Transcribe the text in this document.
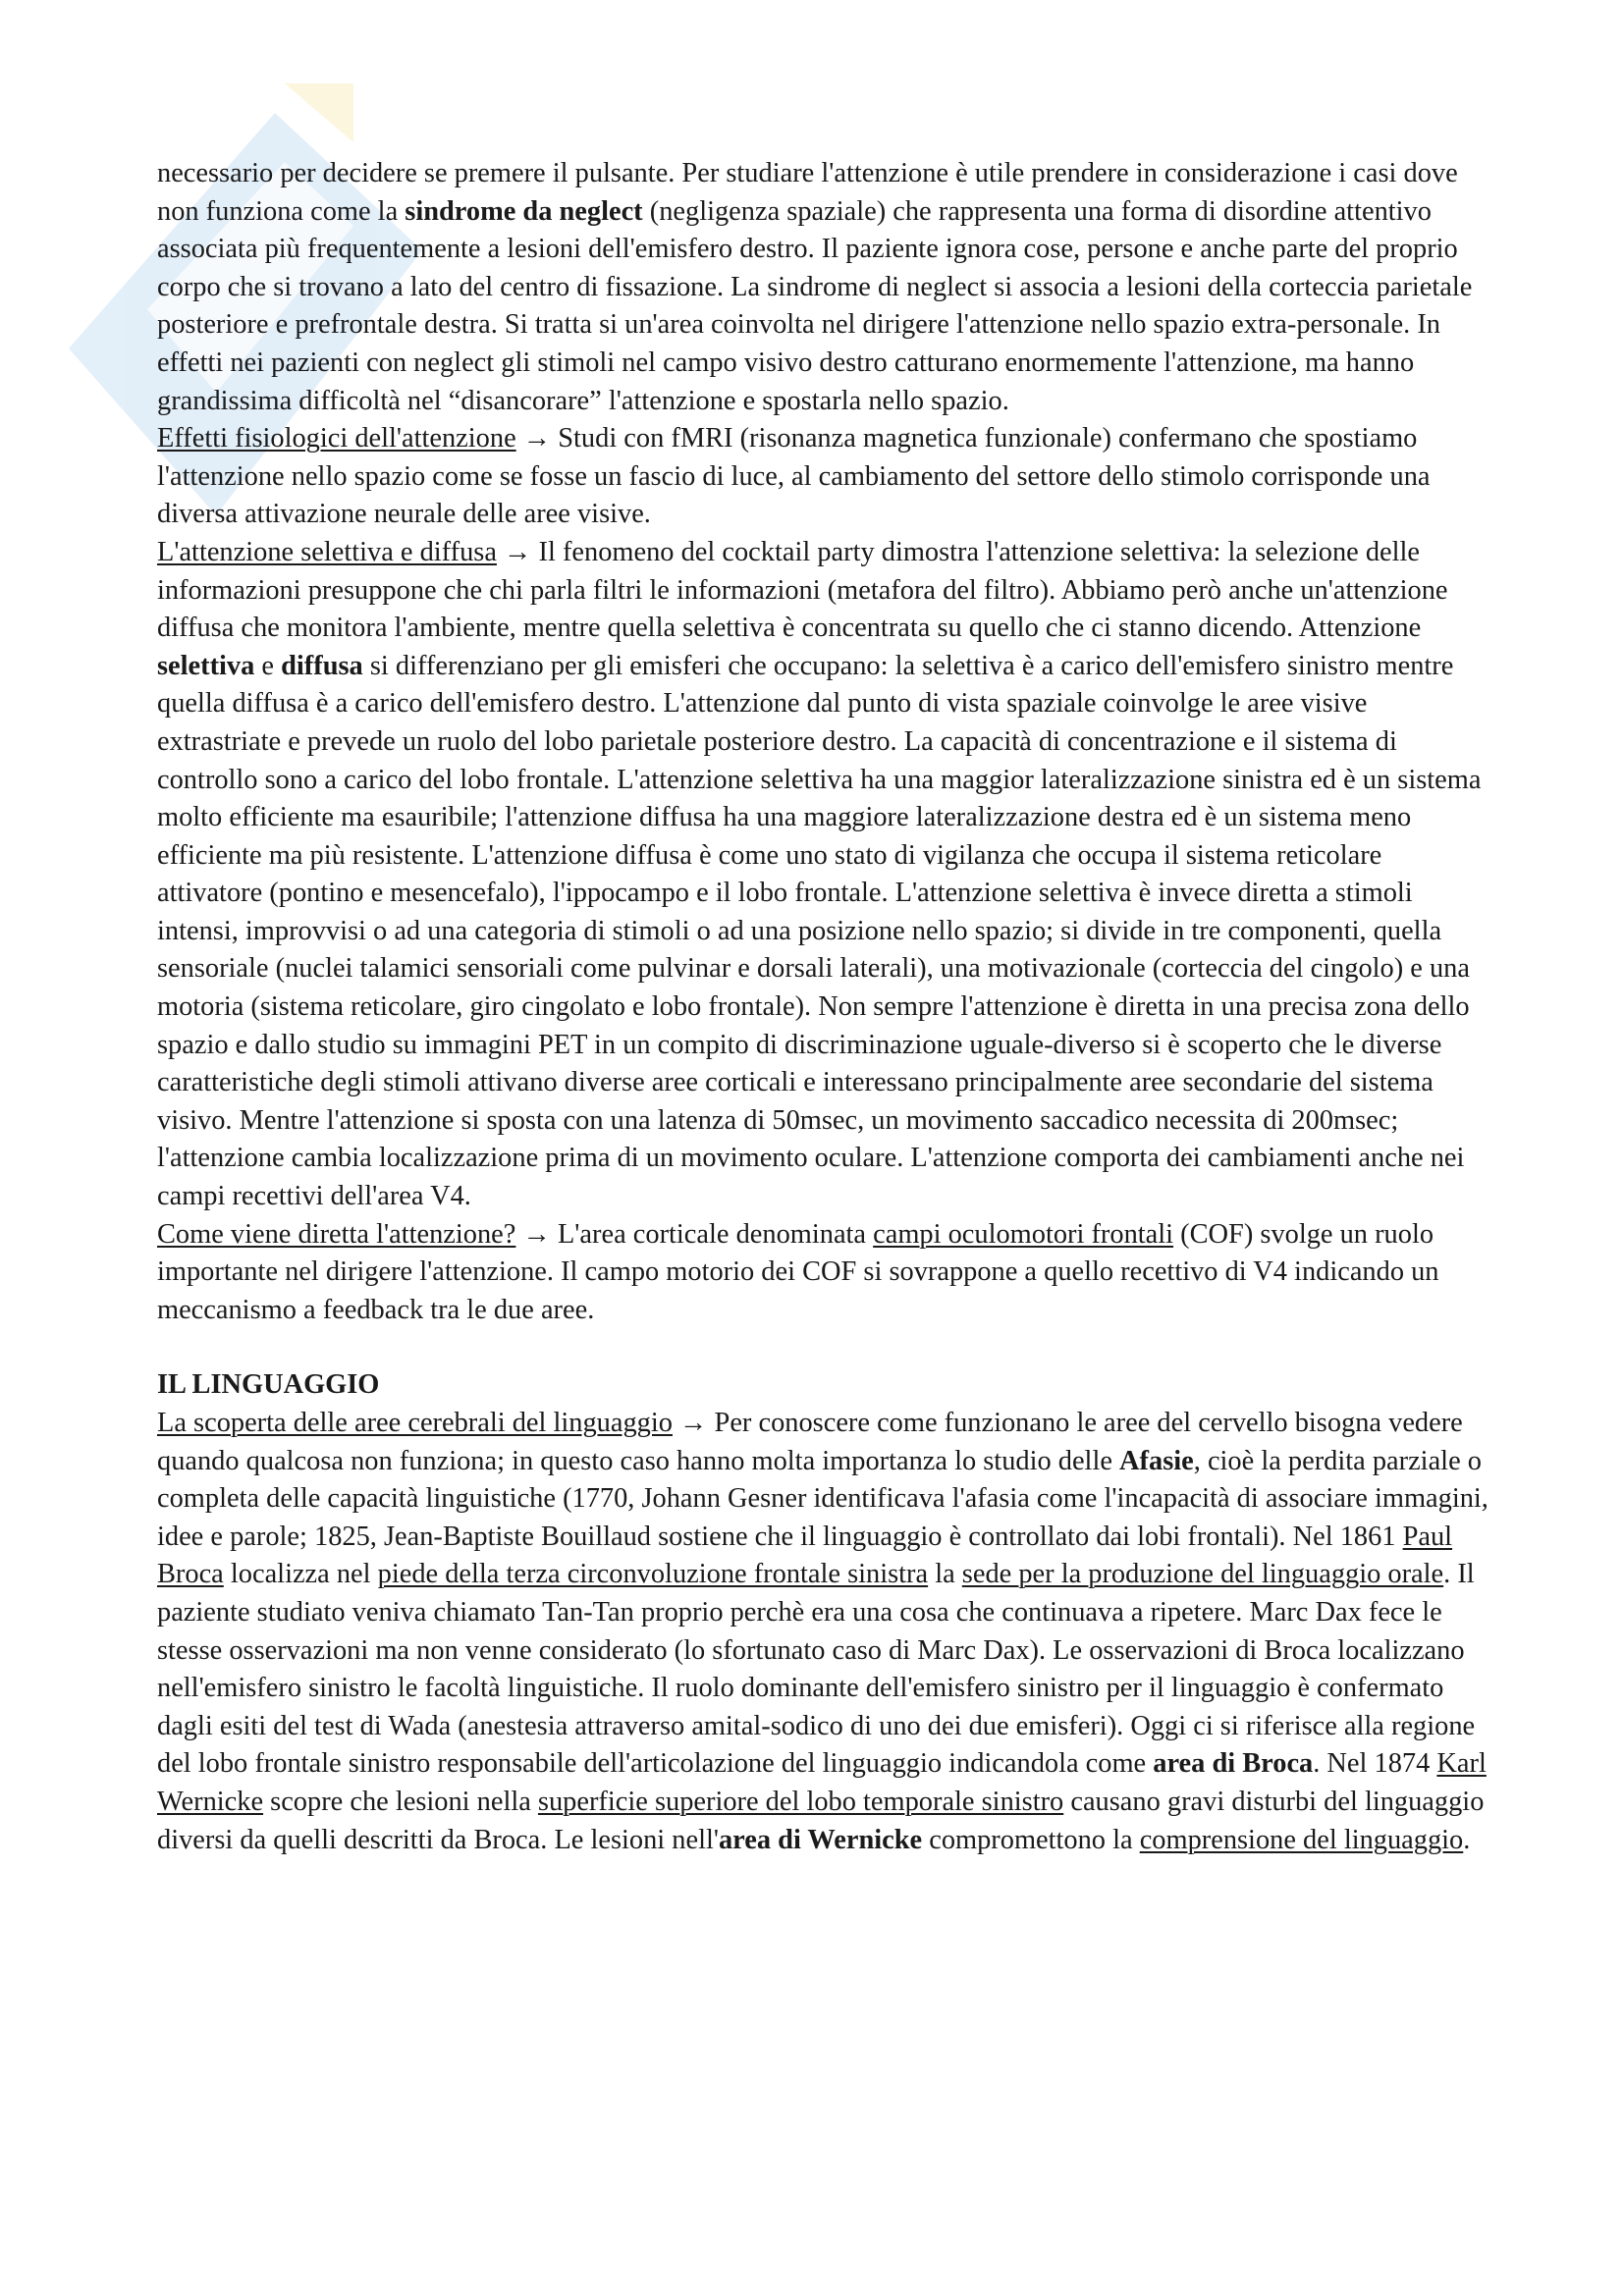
necessario per decidere se premere il pulsante. Per studiare l'attenzione è utile prendere in considerazione i casi dove non funziona come la sindrome da neglect (negligenza spaziale) che rappresenta una forma di disordine attentivo associata più frequentemente a lesioni dell'emisfero destro. Il paziente ignora cose, persone e anche parte del proprio corpo che si trovano a lato del centro di fissazione. La sindrome di neglect si associa a lesioni della corteccia parietale posteriore e prefrontale destra. Si tratta si un'area coinvolta nel dirigere l'attenzione nello spazio extra-personale. In effetti nei pazienti con neglect gli stimoli nel campo visivo destro catturano enormemente l'attenzione, ma hanno grandissima difficoltà nel “disancorare” l'attenzione e spostarla nello spazio.

Effetti fisiologici dell'attenzione → Studi con fMRI (risonanza magnetica funzionale) confermano che spostiamo l'attenzione nello spazio come se fosse un fascio di luce, al cambiamento del settore dello stimolo corrisponde una diversa attivazione neurale delle aree visive.

L'attenzione selettiva e diffusa → Il fenomeno del cocktail party dimostra l'attenzione selettiva: la selezione delle informazioni presuppone che chi parla filtri le informazioni (metafora del filtro). Abbiamo però anche un'attenzione diffusa che monitora l'ambiente, mentre quella selettiva è concentrata su quello che ci stanno dicendo. Attenzione selettiva e diffusa si differenziano per gli emisferi che occupano: la selettiva è a carico dell'emisfero sinistro mentre quella diffusa è a carico dell'emisfero destro. L'attenzione dal punto di vista spaziale coinvolge le aree visive extrastriate e prevede un ruolo del lobo parietale posteriore destro. La capacità di concentrazione e il sistema di controllo sono a carico del lobo frontale. L'attenzione selettiva ha una maggior lateralizzazione sinistra ed è un sistema molto efficiente ma esauribile; l'attenzione diffusa ha una maggiore lateralizzazione destra ed è un sistema meno efficiente ma più resistente. L'attenzione diffusa è come uno stato di vigilanza che occupa il sistema reticolare attivatore (pontino e mesencefalo), l'ippocampo e il lobo frontale. L'attenzione selettiva è invece diretta a stimoli intensi, improvvisi o ad una categoria di stimoli o ad una posizione nello spazio; si divide in tre componenti, quella sensoriale (nuclei talamici sensoriali come pulvinar e dorsali laterali), una motivazionale (corteccia del cingolo) e una motoria (sistema reticolare, giro cingolato e lobo frontale). Non sempre l'attenzione è diretta in una precisa zona dello spazio e dallo studio su immagini PET in un compito di discriminazione uguale-diverso si è scoperto che le diverse caratteristiche degli stimoli attivano diverse aree corticali e interessano principalmente aree secondarie del sistema visivo. Mentre l'attenzione si sposta con una latenza di 50msec, un movimento saccadico necessita di 200msec; l'attenzione cambia localizzazione prima di un movimento oculare. L'attenzione comporta dei cambiamenti anche nei campi recettivi dell'area V4.

Come viene diretta l'attenzione? → L'area corticale denominata campi oculomotori frontali (COF) svolge un ruolo importante nel dirigere l'attenzione. Il campo motorio dei COF si sovrappone a quello recettivo di V4 indicando un meccanismo a feedback tra le due aree.

IL LINGUAGGIO

La scoperta delle aree cerebrali del linguaggio → Per conoscere come funzionano le aree del cervello bisogna vedere quando qualcosa non funziona; in questo caso hanno molta importanza lo studio delle Afasie, cioè la perdita parziale o completa delle capacità linguistiche (1770, Johann Gesner identificava l'afasia come l'incapacità di associare immagini, idee e parole; 1825, Jean-Baptiste Bouillaud sostiene che il linguaggio è controllato dai lobi frontali). Nel 1861 Paul Broca localizza nel piede della terza circonvoluzione frontale sinistra la sede per la produzione del linguaggio orale. Il paziente studiato veniva chiamato Tan-Tan proprio perchè era una cosa che continuava a ripetere. Marc Dax fece le stesse osservazioni ma non venne considerato (lo sfortunato caso di Marc Dax). Le osservazioni di Broca localizzano nell'emisfero sinistro le facoltà linguistiche. Il ruolo dominante dell'emisfero sinistro per il linguaggio è confermato dagli esiti del test di Wada (anestesia attraverso amital-sodico di uno dei due emisferi). Oggi ci si riferisce alla regione del lobo frontale sinistro responsabile dell'articolazione del linguaggio indicandola come area di Broca. Nel 1874 Karl Wernicke scopre che lesioni nella superficie superiore del lobo temporale sinistro causano gravi disturbi del linguaggio diversi da quelli descritti da Broca. Le lesioni nell'area di Wernicke compromettono la comprensione del linguaggio.
